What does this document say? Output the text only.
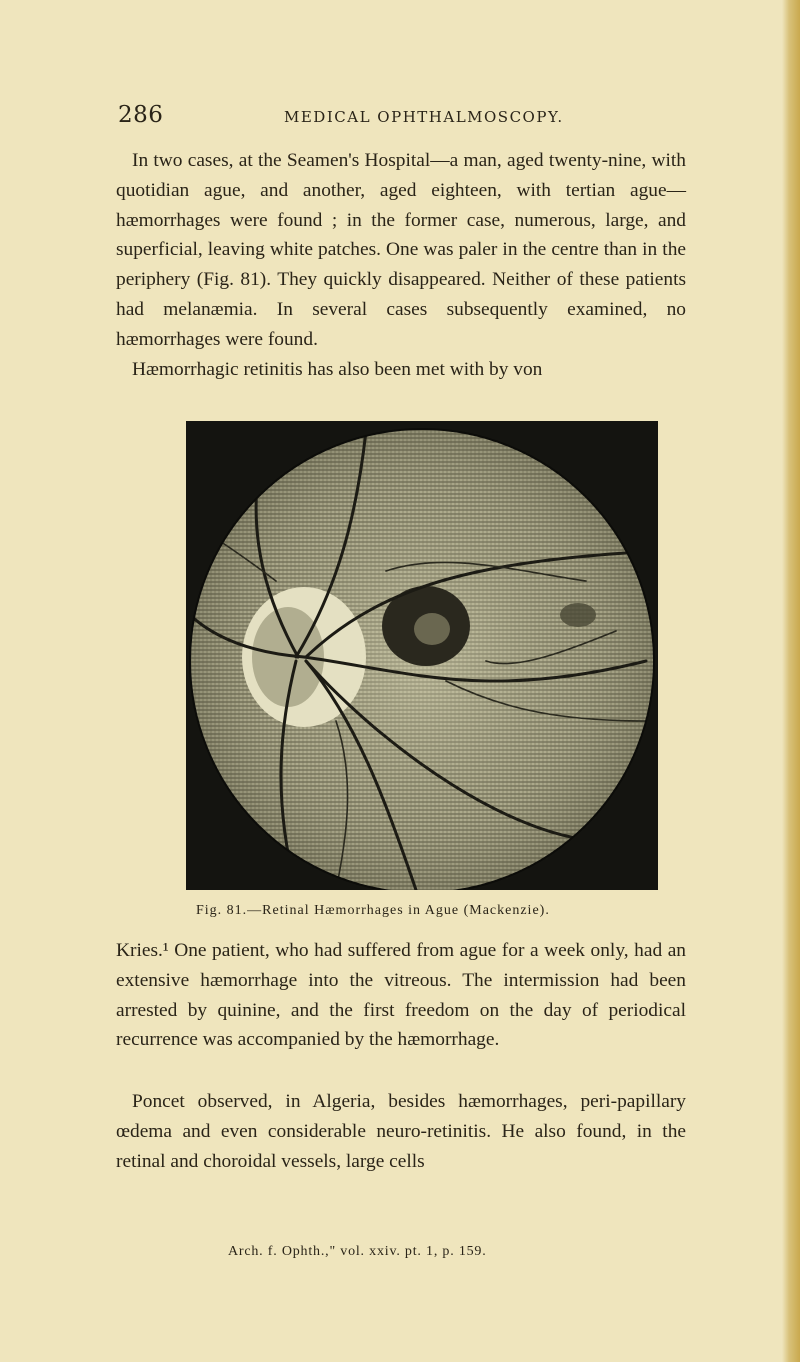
286	MEDICAL OPHTHALMOSCOPY.

In two cases, at the Seamen's Hospital—a man, aged twenty-nine, with quotidian ague, and another, aged eighteen, with tertian ague—hæmorrhages were found ; in the former case, numerous, large, and superficial, leaving white patches. One was paler in the centre than in the periphery (Fig. 81). They quickly disappeared. Neither of these patients had melanæmia. In several cases subsequently examined, no hæmorrhages were found.

Hæmorrhagic retinitis has also been met with by von

Fig. 81.—Retinal Hæmorrhages in Ague (Mackenzie).

Kries.¹ One patient, who had suffered from ague for a week only, had an extensive hæmorrhage into the vitreous. The intermission had been arrested by quinine, and the first freedom on the day of periodical recurrence was accompanied by the hæmorrhage.

Poncet observed, in Algeria, besides hæmorrhages, peri-papillary œdema and even considerable neuro-retinitis. He also found, in the retinal and choroidal vessels, large cells

Arch. f. Ophth.," vol. xxiv. pt. 1, p. 159.
